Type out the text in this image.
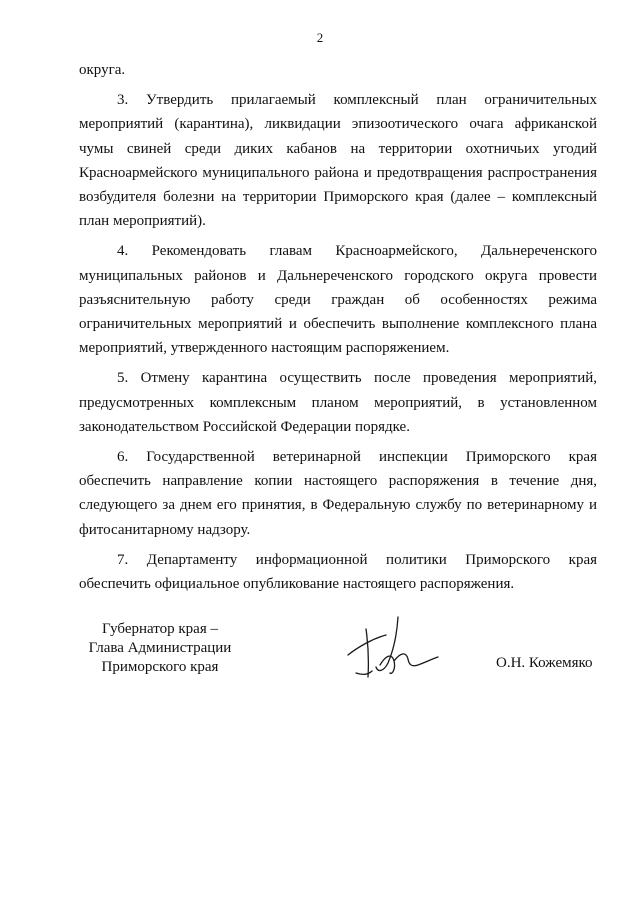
2

округа.

3. Утвердить прилагаемый комплексный план ограничительных мероприятий (карантина), ликвидации эпизоотического очага африканской чумы свиней среди диких кабанов на территории охотничьих угодий Красноармейского муниципального района и предотвращения распространения возбудителя болезни на территории Приморского края (далее – комплексный план мероприятий).

4. Рекомендовать главам Красноармейского, Дальнереченского муниципальных районов и Дальнереченского городского округа провести разъяснительную работу среди граждан об особенностях режима ограничительных мероприятий и обеспечить выполнение комплексного плана мероприятий, утвержденного настоящим распоряжением.

5. Отмену карантина осуществить после проведения мероприятий, предусмотренных комплексным планом мероприятий, в установленном законодательством Российской Федерации порядке.

6. Государственной ветеринарной инспекции Приморского края обеспечить направление копии настоящего распоряжения в течение дня, следующего за днем его принятия, в Федеральную службу по ветеринарному и фитосанитарному надзору.

7. Департаменту информационной политики Приморского края обеспечить официальное опубликование настоящего распоряжения.

Губернатор края –
Глава Администрации
Приморского края	О.Н. Кожемяко
